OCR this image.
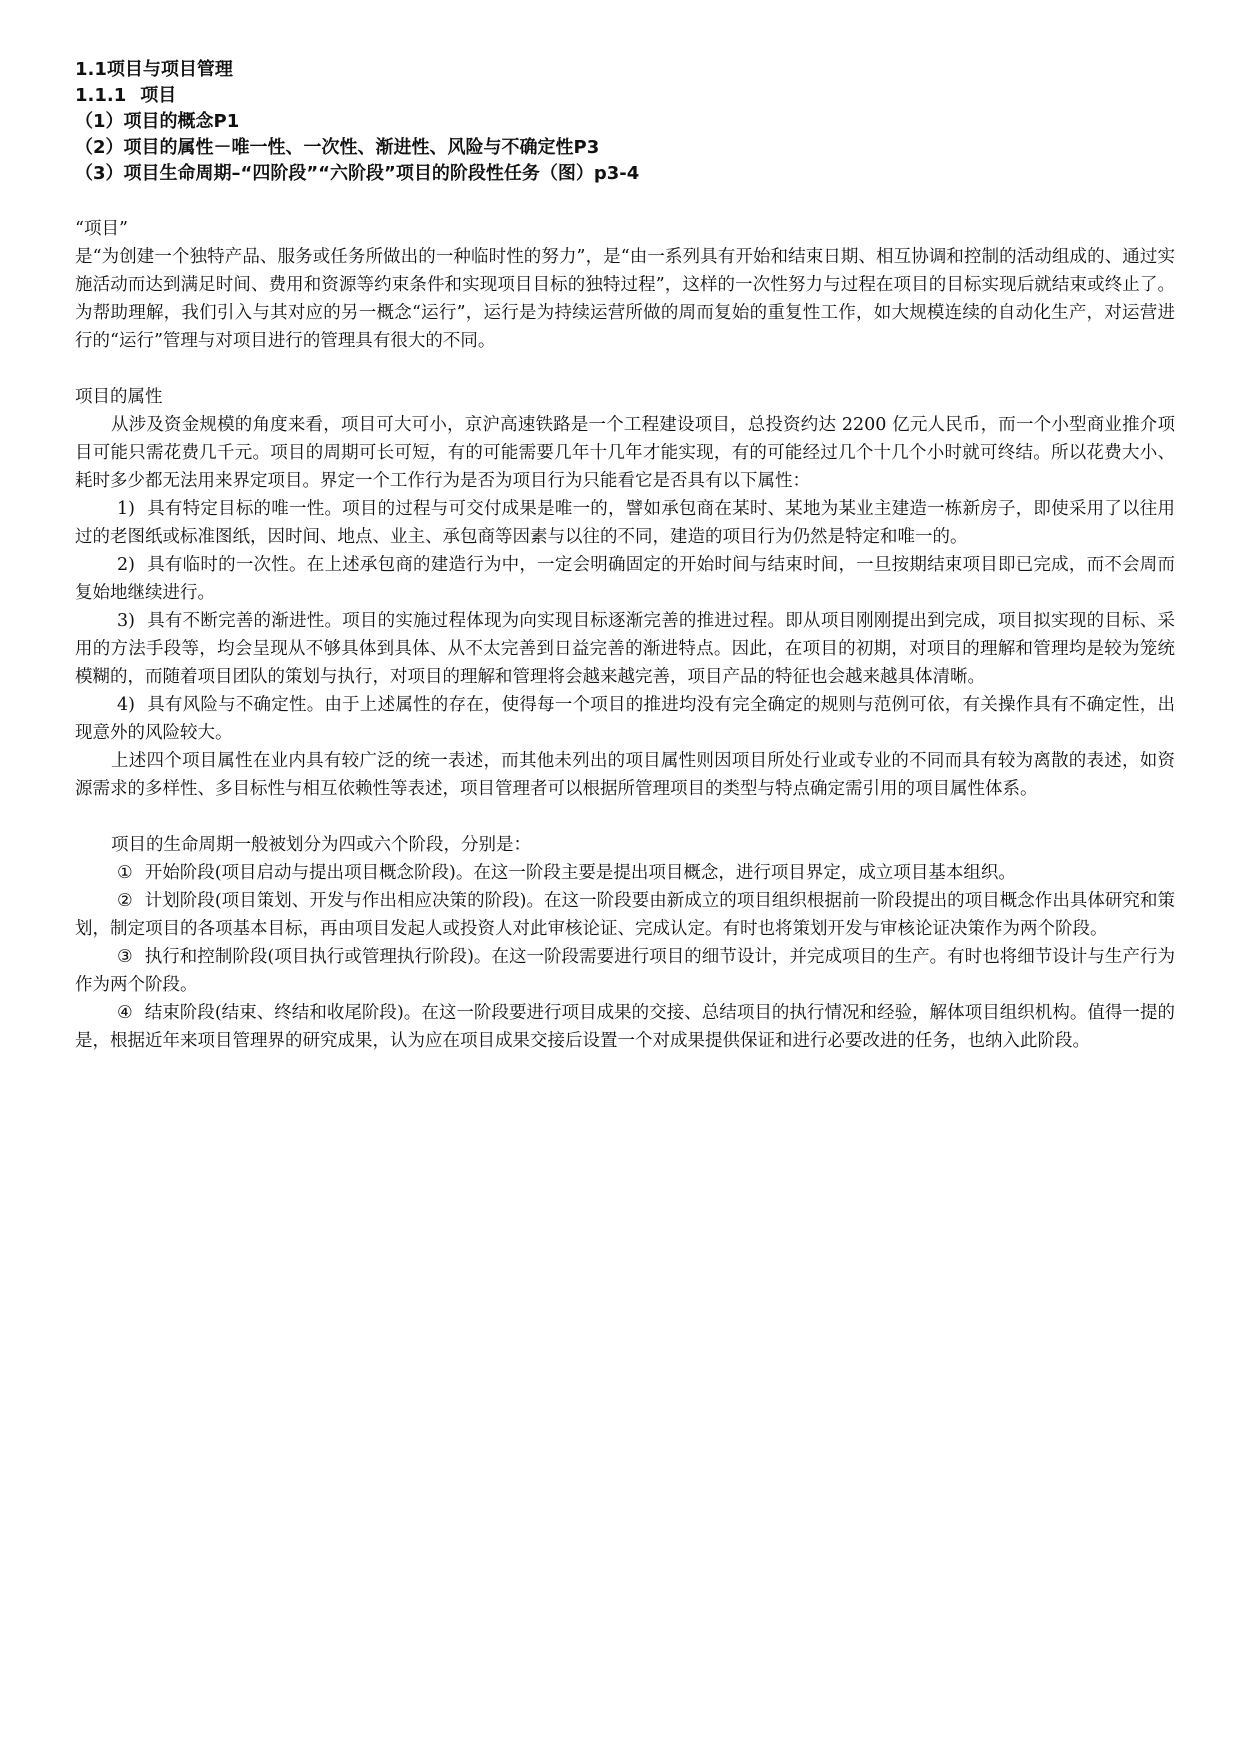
1.1项目与项目管理

1.1.1 项目

（1）项目的概念P1

（2）项目的属性－唯一性、一次性、渐进性、风险与不确定性P3

（3）项目生命周期–“四阶段”“六阶段”项目的阶段性任务（图）p3-4

“项目”

是“为创建一个独特产品、服务或任务所做出的一种临时性的努力”，是“由一系列具有开始和结束日期、相互协调和控制的活动组成的、通过实施活动而达到满足时间、费用和资源等约束条件和实现项目目标的独特过程”，这样的一次性努力与过程在项目的目标实现后就结束或终止了。为帮助理解，我们引入与其对应的另一概念“运行”，运行是为持续运营所做的周而复始的重复性工作，如大规模连续的自动化生产，对运营进行的“运行”管理与对项目进行的管理具有很大的不同。

项目的属性

从涉及资金规模的角度来看，项目可大可小，京沪高速铁路是一个工程建设项目，总投资约达 2200 亿元人民币，而一个小型商业推介项目可能只需花费几千元。项目的周期可长可短，有的可能需要几年十几年才能实现，有的可能经过几个十几个小时就可终结。所以花费大小、耗时多少都无法用来界定项目。界定一个工作行为是否为项目行为只能看它是否具有以下属性：

1) 具有特定目标的唯一性。项目的过程与可交付成果是唯一的，譬如承包商在某时、某地为某业主建造一栋新房子，即使采用了以往用过的老图纸或标准图纸，因时间、地点、业主、承包商等因素与以往的不同，建造的项目行为仍然是特定和唯一的。

2) 具有临时的一次性。在上述承包商的建造行为中，一定会明确固定的开始时间与结束时间，一旦按期结束项目即已完成，而不会周而复始地继续进行。

3) 具有不断完善的渐进性。项目的实施过程体现为向实现目标逐渐完善的推进过程。即从项目刚刚提出到完成，项目拟实现的目标、采用的方法手段等，均会呈现从不够具体到具体、从不太完善到日益完善的渐进特点。因此，在项目的初期，对项目的理解和管理均是较为笼统模糊的，而随着项目团队的策划与执行，对项目的理解和管理将会越来越完善，项目产品的特征也会越来越具体清晰。

4) 具有风险与不确定性。由于上述属性的存在，使得每一个项目的推进均没有完全确定的规则与范例可依，有关操作具有不确定性，出现意外的风险较大。

上述四个项目属性在业内具有较广泛的统一表述，而其他未列出的项目属性则因项目所处行业或专业的不同而具有较为离散的表述，如资源需求的多样性、多目标性与相互依赖性等表述，项目管理者可以根据所管理项目的类型与特点确定需引用的项目属性体系。

项目的生命周期一般被划分为四或六个阶段，分别是：

① 开始阶段(项目启动与提出项目概念阶段)。在这一阶段主要是提出项目概念，进行项目界定，成立项目基本组织。

② 计划阶段(项目策划、开发与作出相应决策的阶段)。在这一阶段要由新成立的项目组织根据前一阶段提出的项目概念作出具体研究和策划，制定项目的各项基本目标，再由项目发起人或投资人对此审核论证、完成认定。有时也将策划开发与审核论证决策作为两个阶段。

③ 执行和控制阶段(项目执行或管理执行阶段)。在这一阶段需要进行项目的细节设计，并完成项目的生产。有时也将细节设计与生产行为作为两个阶段。

④ 结束阶段(结束、终结和收尾阶段)。在这一阶段要进行项目成果的交接、总结项目的执行情况和经验，解体项目组织机构。值得一提的是，根据近年来项目管理界的研究成果，认为应在项目成果交接后设置一个对成果提供保证和进行必要改进的任务，也纳入此阶段。
